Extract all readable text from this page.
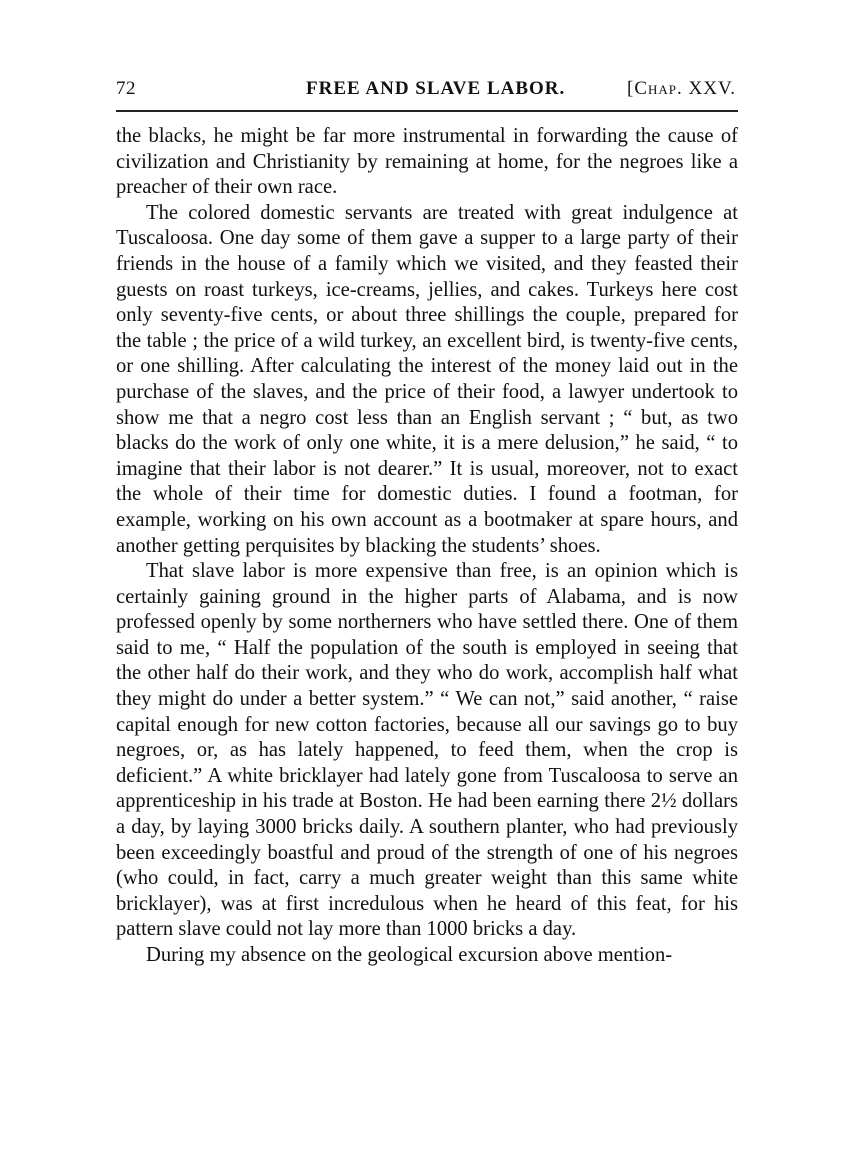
72	FREE AND SLAVE LABOR.	[Chap. XXV.

the blacks, he might be far more instrumental in forwarding the cause of civilization and Christianity by remaining at home, for the negroes like a preacher of their own race.

The colored domestic servants are treated with great indulgence at Tuscaloosa. One day some of them gave a supper to a large party of their friends in the house of a family which we visited, and they feasted their guests on roast turkeys, ice-creams, jellies, and cakes. Turkeys here cost only seventy-five cents, or about three shillings the couple, prepared for the table ; the price of a wild turkey, an excellent bird, is twenty-five cents, or one shilling. After calculating the interest of the money laid out in the purchase of the slaves, and the price of their food, a lawyer undertook to show me that a negro cost less than an English servant ; “ but, as two blacks do the work of only one white, it is a mere delusion,” he said, “ to imagine that their labor is not dearer.” It is usual, moreover, not to exact the whole of their time for domestic duties. I found a footman, for example, working on his own account as a bootmaker at spare hours, and another getting perquisites by blacking the students’ shoes.

That slave labor is more expensive than free, is an opinion which is certainly gaining ground in the higher parts of Alabama, and is now professed openly by some northerners who have settled there. One of them said to me, “ Half the population of the south is employed in seeing that the other half do their work, and they who do work, accomplish half what they might do under a better system.” “ We can not,” said another, “ raise capital enough for new cotton factories, because all our savings go to buy negroes, or, as has lately happened, to feed them, when the crop is deficient.” A white bricklayer had lately gone from Tuscaloosa to serve an apprenticeship in his trade at Boston. He had been earning there 2½ dollars a day, by laying 3000 bricks daily. A southern planter, who had previously been exceedingly boastful and proud of the strength of one of his negroes (who could, in fact, carry a much greater weight than this same white bricklayer), was at first incredulous when he heard of this feat, for his pattern slave could not lay more than 1000 bricks a day.

During my absence on the geological excursion above mention-
